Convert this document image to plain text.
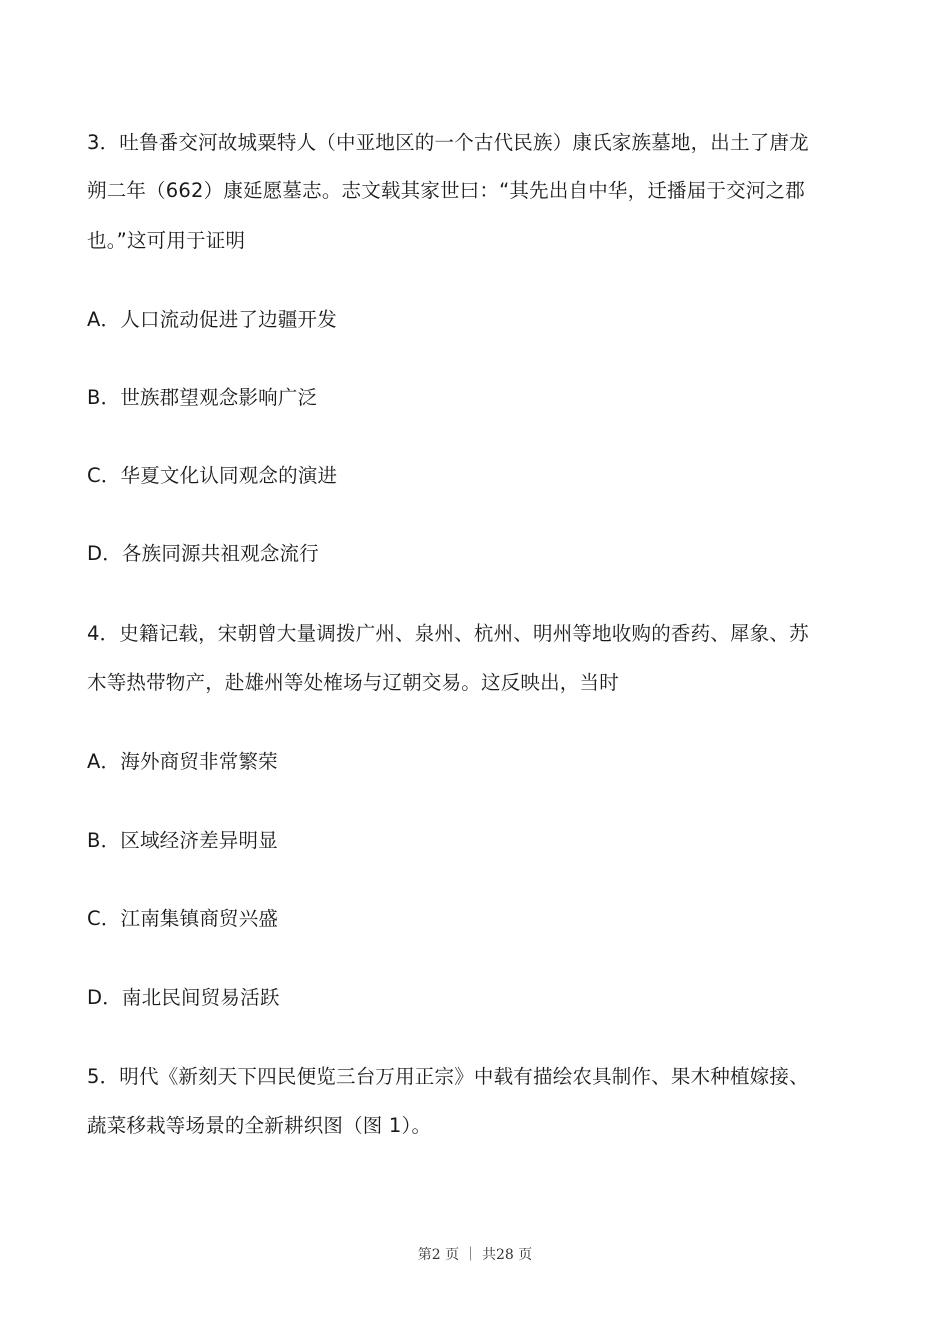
3．吐鲁番交河故城粟特人（中亚地区的一个古代民族）康氏家族墓地，出土了唐龙
朔二年（662）康延愿墓志。志文载其家世曰：“其先出自中华，迁播届于交河之郡
也。”这可用于证明
A．人口流动促进了边疆开发
B．世族郡望观念影响广泛
C．华夏文化认同观念的演进
D．各族同源共祖观念流行
4．史籍记载，宋朝曾大量调拨广州、泉州、杭州、明州等地收购的香药、犀象、苏
木等热带物产，赴雄州等处榷场与辽朝交易。这反映出，当时
A．海外商贸非常繁荣
B．区域经济差异明显
C．江南集镇商贸兴盛
D．南北民间贸易活跃
5．明代《新刻天下四民便览三台万用正宗》中载有描绘农具制作、果木种植嫁接、
蔬菜移栽等场景的全新耕织图（图 1）。
第2 页 ｜ 共28 页
